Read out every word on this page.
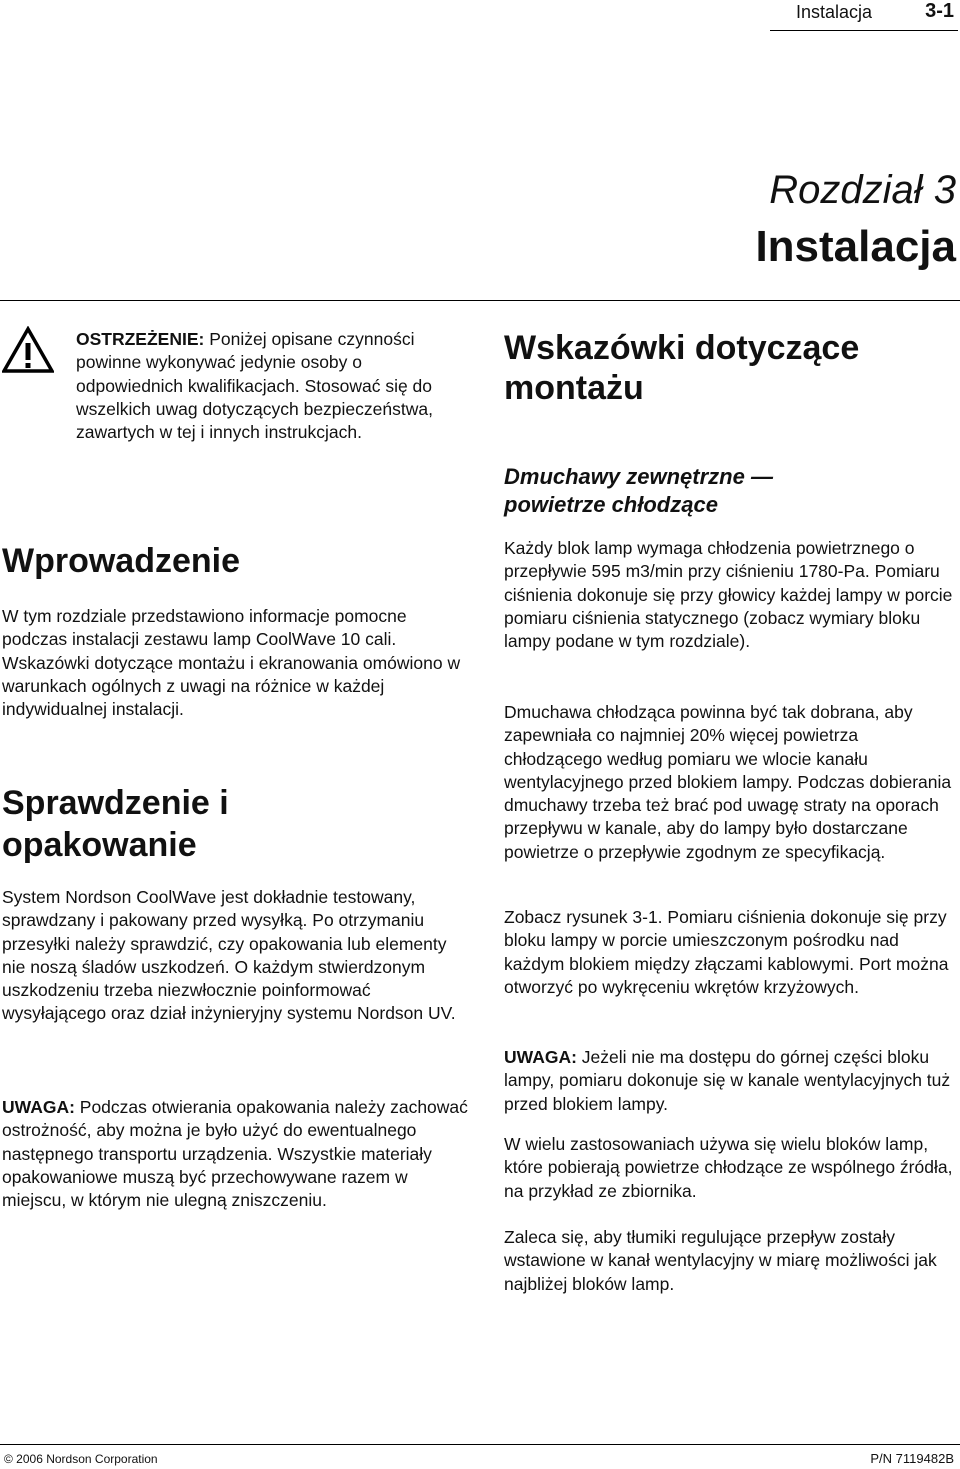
Instalacja	3-1
Rozdział 3
Instalacja

OSTRZEŻENIE: Poniżej opisane czynności powinne wykonywać jedynie osoby o odpowiednich kwalifikacjach. Stosować się do wszelkich uwag dotyczących bezpieczeństwa, zawartych w tej i innych instrukcjach.

Wprowadzenie

W tym rozdziale przedstawiono informacje pomocne podczas instalacji zestawu lamp CoolWave 10 cali. Wskazówki dotyczące montażu i ekranowania omówiono w warunkach ogólnych z uwagi na różnice w każdej indywidualnej instalacji.

Sprawdzenie i opakowanie

System Nordson CoolWave jest dokładnie testowany, sprawdzany i pakowany przed wysyłką. Po otrzymaniu przesyłki należy sprawdzić, czy opakowania lub elementy nie noszą śladów uszkodzeń. O każdym stwierdzonym uszkodzeniu trzeba niezwłocznie poinformować wysyłającego oraz dział inżynieryjny systemu Nordson UV.

UWAGA: Podczas otwierania opakowania należy zachować ostrożność, aby można je było użyć do ewentualnego następnego transportu urządzenia. Wszystkie materiały opakowaniowe muszą być przechowywane razem w miejscu, w którym nie ulegną zniszczeniu.

Wskazówki dotyczące montażu
Dmuchawy zewnętrzne — powietrze chłodzące

Każdy blok lamp wymaga chłodzenia powietrznego o przepływie 595 m3/min przy ciśnieniu 1780-Pa. Pomiaru ciśnienia dokonuje się przy głowicy każdej lampy w porcie pomiaru ciśnienia statycznego (zobacz wymiary bloku lampy podane w tym rozdziale).

Dmuchawa chłodząca powinna być tak dobrana, aby zapewniała co najmniej 20% więcej powietrza chłodzącego według pomiaru we wlocie kanału wentylacyjnego przed blokiem lampy. Podczas dobierania dmuchawy trzeba też brać pod uwagę straty na oporach przepływu w kanale, aby do lampy było dostarczane powietrze o przepływie zgodnym ze specyfikacją.

Zobacz rysunek 3-1. Pomiaru ciśnienia dokonuje się przy bloku lampy w porcie umieszczonym pośrodku nad każdym blokiem między złączami kablowymi. Port można otworzyć po wykręceniu wkrętów krzyżowych.

UWAGA: Jeżeli nie ma dostępu do górnej części bloku lampy, pomiaru dokonuje się w kanale wentylacyjnych tuż przed blokiem lampy.

W wielu zastosowaniach używa się wielu bloków lamp, które pobierają powietrze chłodzące ze wspólnego źródła, na przykład ze zbiornika.

Zaleca się, aby tłumiki regulujące przepływ zostały wstawione w kanał wentylacyjny w miarę możliwości jak najbliżej bloków lamp.

© 2006 Nordson Corporation	P/N 7119482B
